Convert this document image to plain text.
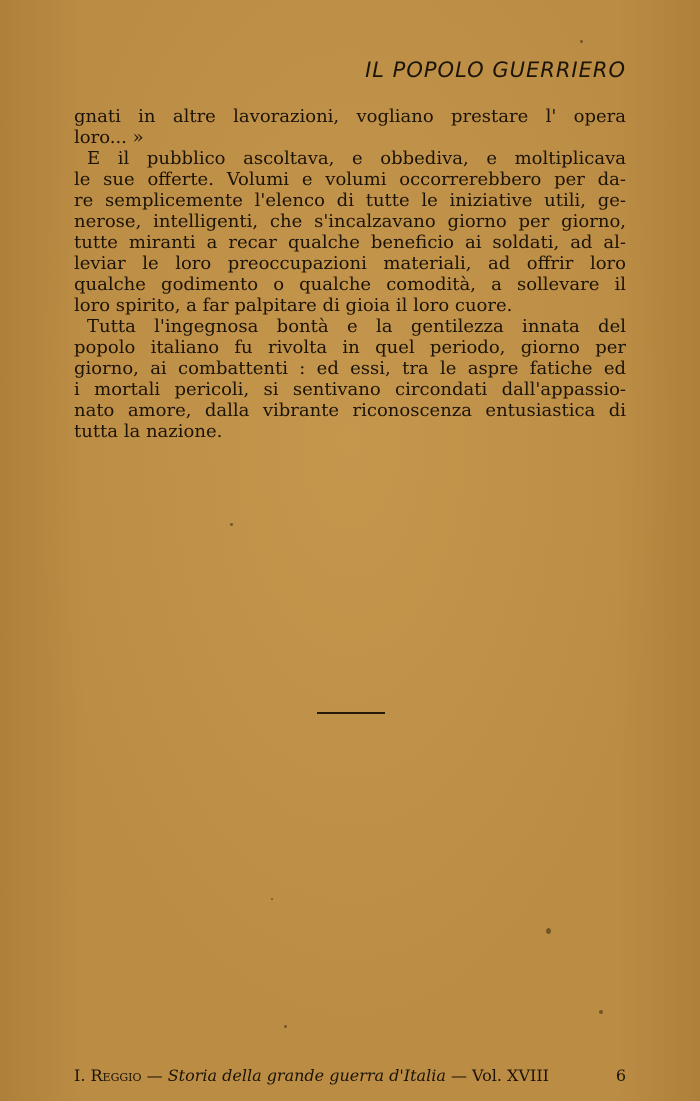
IL POPOLO GUERRIERO
gnati in altre lavorazioni, vogliano prestare l' opera
loro... »
E il pubblico ascoltava, e obbediva, e moltiplicava
le sue offerte. Volumi e volumi occorrerebbero per da-
re semplicemente l'elenco di tutte le iniziative utili, ge-
nerose, intelligenti, che s'incalzavano giorno per giorno,
tutte miranti a recar qualche beneficio ai soldati, ad al-
leviar le loro preoccupazioni materiali, ad offrir loro
qualche godimento o qualche comodità, a sollevare il
loro spirito, a far palpitare di gioia il loro cuore.
Tutta l'ingegnosa bontà e la gentilezza innata del
popolo italiano fu rivolta in quel periodo, giorno per
giorno, ai combattenti : ed essi, tra le aspre fatiche ed
i mortali pericoli, si sentivano circondati dall'appassio-
nato amore, dalla vibrante riconoscenza entusiastica di
tutta la nazione.
I. Reggio — Storia della grande guerra d'Italia — Vol. XVIII	6
